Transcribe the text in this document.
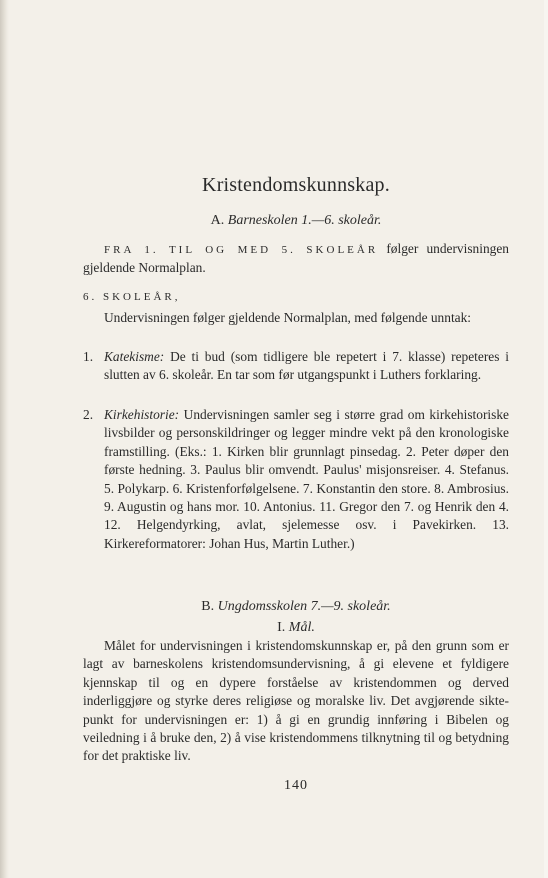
Kristendomskunnskap.
A. Barneskolen 1.—6. skoleår.
FRA 1. TIL OG MED 5. SKOLEÅR følger undervisningen gjeldende Normalplan.
6. SKOLEÅR,
Undervisningen følger gjeldende Normalplan, med følgende unntak:
1. Katekisme: De ti bud (som tidligere ble repetert i 7. klasse) repeteres i slutten av 6. skoleår. En tar som før utgangspunkt i Luthers forklaring.
2. Kirkehistorie: Undervisningen samler seg i større grad om kirkehistoriske livsbilder og personskildringer og legger mindre vekt på den kronologiske framstilling. (Eks.: 1. Kirken blir grunnlagt pinsedag. 2. Peter døper den første hedning. 3. Paulus blir omvendt. Paulus' misjonsreiser. 4. Stefanus. 5. Polykarp. 6. Kristenforfølgelsene. 7. Konstantin den store. 8. Ambrosius. 9. Augustin og hans mor. 10. Antonius. 11. Gregor den 7. og Henrik den 4. 12. Helgendyrking, avlat, sjelemesse osv. i Pavekirken. 13. Kirkereformatorer: Johan Hus, Martin Luther.)
B. Ungdomsskolen 7.—9. skoleår.
I. Mål.
Målet for undervisningen i kristendomskunnskap er, på den grunn som er lagt av barneskolens kristendomsundervisning, å gi elevene et fyldigere kjennskap til og en dypere forståelse av kristendommen og derved inderliggjøre og styrke deres religiøse og moralske liv. Det avgjørende siktepunkt for undervisningen er: 1) å gi en grundig innføring i Bibelen og veiledning i å bruke den, 2) å vise kristendommens tilknytning til og betydning for det praktiske liv.
140
